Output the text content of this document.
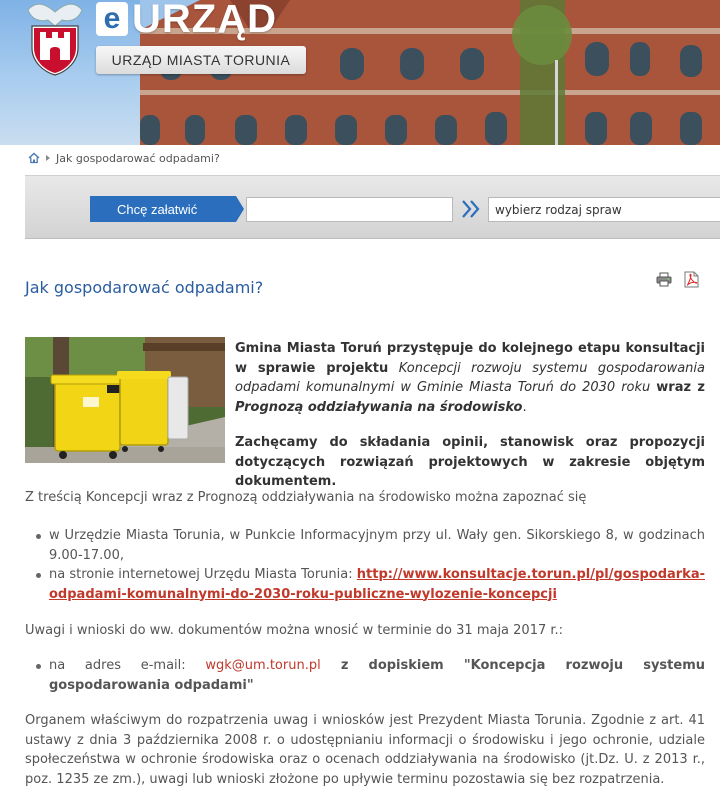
e URZĄD
URZĄD MIASTA TORUNIA
Jak gospodarować odpadami?
Chcę załatwić	wybierz rodzaj spraw
Jak gospodarować odpadami?

Gmina Miasta Toruń przystępuje do kolejnego etapu konsultacji w sprawie projektu Koncepcji rozwoju systemu gospodarowania odpadami komunalnymi w Gminie Miasta Toruń do 2030 roku wraz z Prognozą oddziaływania na środowisko.

Zachęcamy do składania opinii, stanowisk oraz propozycji dotyczących rozwiązań projektowych w zakresie objętym dokumentem.

Z treścią Koncepcji wraz z Prognozą oddziaływania na środowisko można zapoznać się

w Urzędzie Miasta Torunia, w Punkcie Informacyjnym przy ul. Wały gen. Sikorskiego 8, w godzinach 9.00-17.00,
na stronie internetowej Urzędu Miasta Torunia: http://www.konsultacje.torun.pl/pl/gospodarka-odpadami-komunalnymi-do-2030-roku-publiczne-wylozenie-koncepcji

Uwagi i wnioski do ww. dokumentów można wnosić w terminie do 31 maja 2017 r.:

na adres e-mail: wgk@um.torun.pl z dopiskiem "Koncepcja rozwoju systemu gospodarowania odpadami"

Organem właściwym do rozpatrzenia uwag i wniosków jest Prezydent Miasta Torunia. Zgodnie z art. 41 ustawy z dnia 3 października 2008 r. o udostępnianiu informacji o środowisku i jego ochronie, udziale społeczeństwa w ochronie środowiska oraz o ocenach oddziaływania na środowisko (jt.Dz. U. z 2013 r., poz. 1235 ze zm.), uwagi lub wnioski złożone po upływie terminu pozostawia się bez rozpatrzenia.
